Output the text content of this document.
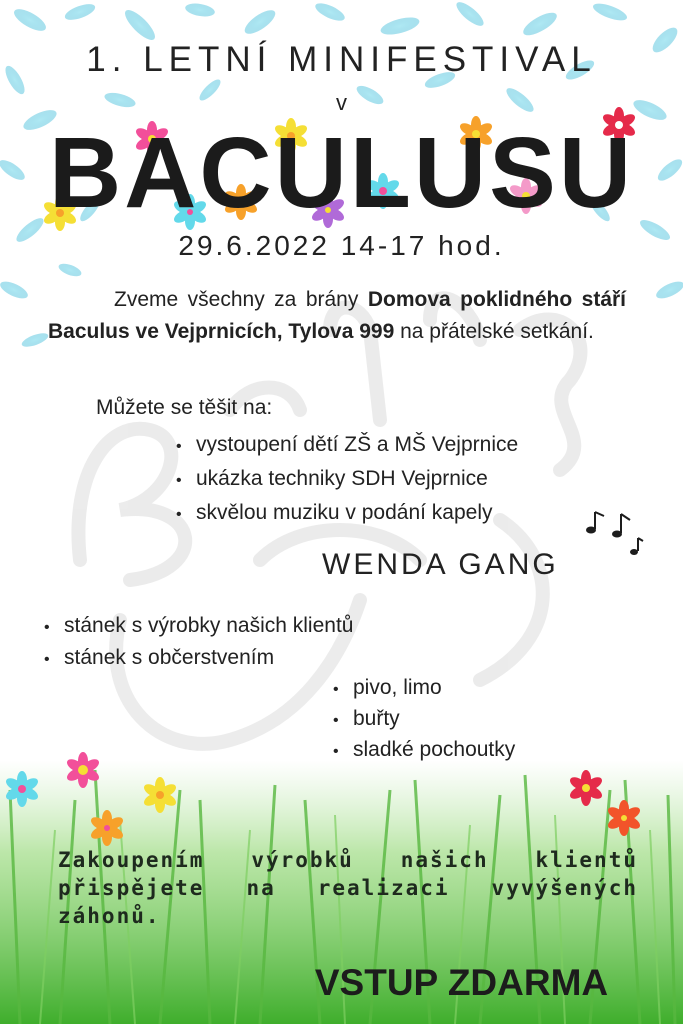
1. LETNÍ MINIFESTIVAL
v
BACULUSU
29.6.2022 14-17 hod.
Zveme všechny za brány Domova poklidného stáří Baculus ve Vejprnicích, Tylova 999 na přátelské setkání.
Můžete se těšit na:
• vystoupení dětí ZŠ a MŠ Vejprnice
• ukázka techniky SDH Vejprnice
• skvělou muziku v podání kapely
WENDA GANG
• stánek s výrobky našich klientů
• stánek s občerstvením
• pivo, limo
• buřty
• sladké pochoutky
Zakoupením výrobků našich klientů přispějete na realizaci vyvýšených záhonů.
VSTUP ZDARMA
